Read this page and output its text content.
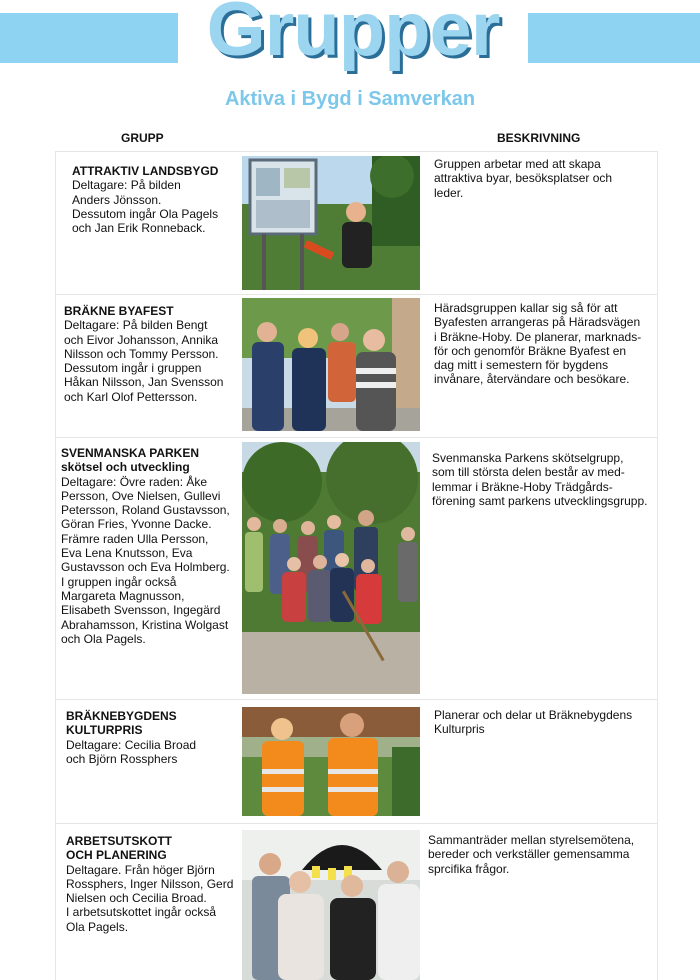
Grupper
Aktiva i Bygd i Samverkan
GRUPP	BESKRIVNING
ATTRAKTIV LANDSBYGD
Deltagare: På bilden
Anders Jönsson.
Dessutom ingår Ola Pagels
och Jan Erik Ronneback.
Gruppen arbetar med att skapa
attraktiva byar, besöksplatser och
leder.
BRÄKNE BYAFEST
Deltagare: På bilden Bengt
och Eivor Johansson, Annika
Nilsson och Tommy Persson.
Dessutom ingår i gruppen
Håkan Nilsson, Jan Svensson
och Karl Olof Pettersson.
Häradsgruppen kallar sig så för att
Byafesten arrangeras på Häradsvägen
i Bräkne-Hoby. De planerar, marknads-
för och genomför Bräkne Byafest en
dag mitt i semestern för bygdens
invånare, återvändare och besökare.
SVENMANSKA PARKEN
skötsel och utveckling
Deltagare: Övre raden: Åke
Persson, Ove Nielsen, Gullevi
Petersson, Roland Gustavsson,
Göran Fries, Yvonne Dacke.
Främre raden Ulla Persson,
Eva Lena Knutsson, Eva
Gustavsson och Eva Holmberg.
I gruppen ingår också
Margareta Magnusson,
Elisabeth Svensson, Ingegärd
Abrahamsson, Kristina Wolgast
och Ola Pagels.
Svenmanska Parkens skötselgrupp,
som till största delen består av med-
lemmar i Bräkne-Hoby Trädgårds-
förening samt parkens utvecklingsgrupp.
BRÄKNEBYGDENS
KULTURPRIS
Deltagare: Cecilia Broad
och Björn Rossphers
Planerar och delar ut Bräknebygdens
Kulturpris
ARBETSUTSKOTT
OCH PLANERING
Deltagare. Från höger Björn
Rossphers, Inger Nilsson, Gerd
Nielsen och Cecilia Broad.
I arbetsutskottet ingår också
Ola Pagels.
Sammanträder mellan styrelsemötena,
bereder och verkställer gemensamma
sprcifika frågor.
